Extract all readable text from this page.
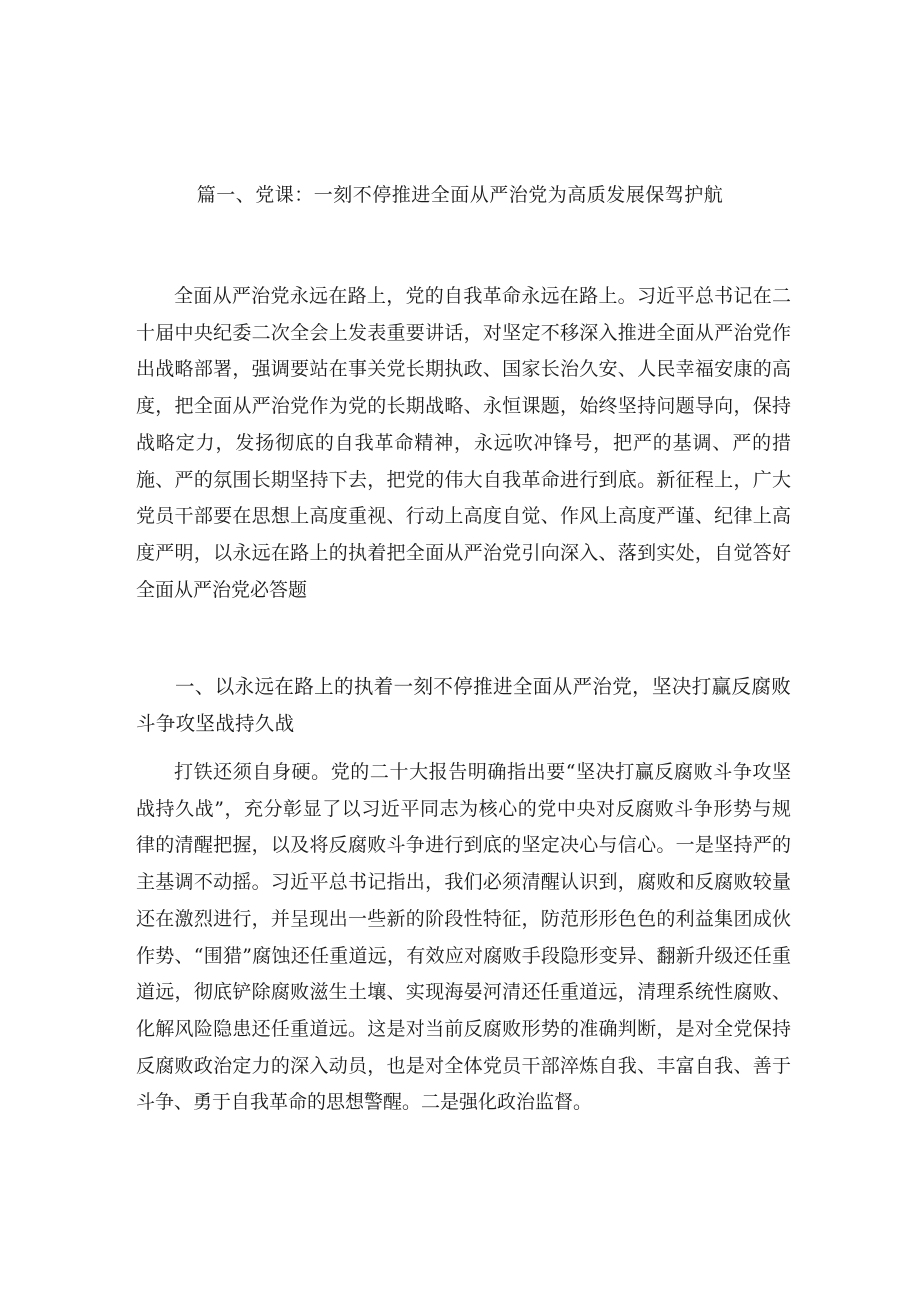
篇一、党课：一刻不停推进全面从严治党为高质发展保驾护航

全面从严治党永远在路上，党的自我革命永远在路上。习近平总书记在二十届中央纪委二次全会上发表重要讲话，对坚定不移深入推进全面从严治党作出战略部署，强调要站在事关党长期执政、国家长治久安、人民幸福安康的高度，把全面从严治党作为党的长期战略、永恒课题，始终坚持问题导向，保持战略定力，发扬彻底的自我革命精神，永远吹冲锋号，把严的基调、严的措施、严的氛围长期坚持下去，把党的伟大自我革命进行到底。新征程上，广大党员干部要在思想上高度重视、行动上高度自觉、作风上高度严谨、纪律上高度严明，以永远在路上的执着把全面从严治党引向深入、落到实处，自觉答好全面从严治党必答题

一、以永远在路上的执着一刻不停推进全面从严治党，坚决打赢反腐败斗争攻坚战持久战

打铁还须自身硬。党的二十大报告明确指出要“坚决打赢反腐败斗争攻坚战持久战”，充分彰显了以习近平同志为核心的党中央对反腐败斗争形势与规律的清醒把握，以及将反腐败斗争进行到底的坚定决心与信心。一是坚持严的主基调不动摇。习近平总书记指出，我们必须清醒认识到，腐败和反腐败较量还在激烈进行，并呈现出一些新的阶段性特征，防范形形色色的利益集团成伙作势、“围猎”腐蚀还任重道远，有效应对腐败手段隐形变异、翻新升级还任重道远，彻底铲除腐败滋生土壤、实现海晏河清还任重道远，清理系统性腐败、化解风险隐患还任重道远。这是对当前反腐败形势的准确判断，是对全党保持反腐败政治定力的深入动员，也是对全体党员干部淬炼自我、丰富自我、善于斗争、勇于自我革命的思想警醒。二是强化政治监督。
